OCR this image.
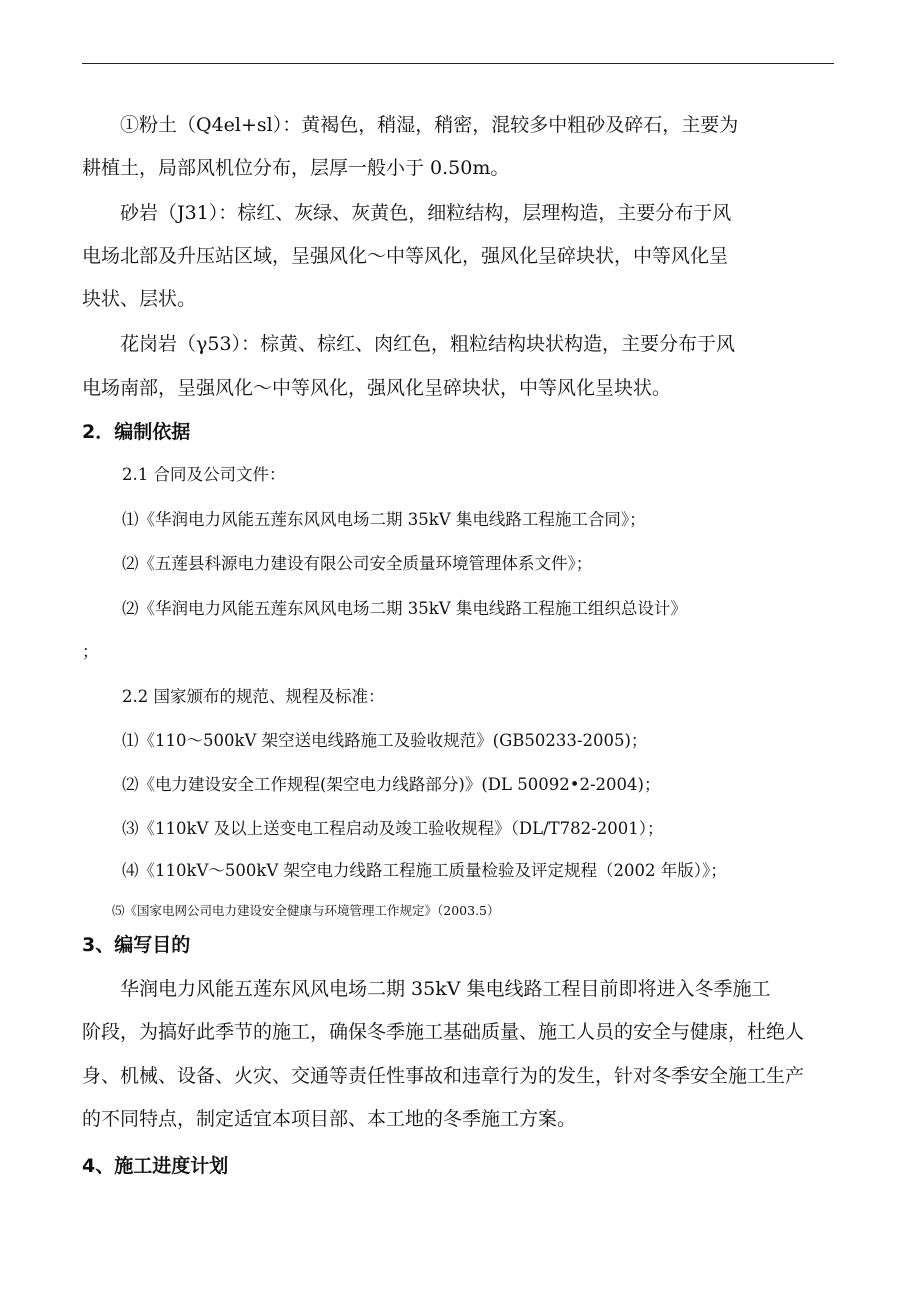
①粉土（Q4el+sl）：黄褐色，稍湿，稍密，混较多中粗砂及碎石，主要为
耕植土，局部风机位分布，层厚一般小于 0.50m。
砂岩（J31）：棕红、灰绿、灰黄色，细粒结构，层理构造，主要分布于风
电场北部及升压站区域，呈强风化～中等风化，强风化呈碎块状，中等风化呈
块状、层状。
花岗岩（γ53）：棕黄、棕红、肉红色，粗粒结构块状构造，主要分布于风
电场南部，呈强风化～中等风化，强风化呈碎块状，中等风化呈块状。
2．编制依据
2.1 合同及公司文件：
⑴《华润电力风能五莲东风风电场二期 35kV 集电线路工程施工合同》；
⑵《五莲县科源电力建设有限公司安全质量环境管理体系文件》；
⑵《华润电力风能五莲东风风电场二期 35kV 集电线路工程施工组织总设计》
；
2.2 国家颁布的规范、规程及标准：
⑴《110～500kV 架空送电线路施工及验收规范》(GB50233-2005)；
⑵《电力建设安全工作规程(架空电力线路部分)》(DL 50092•2-2004)；
⑶《110kV 及以上送变电工程启动及竣工验收规程》（DL/T782-2001）；
⑷《110kV～500kV 架空电力线路工程施工质量检验及评定规程（2002 年版）》；
⑸《国家电网公司电力建设安全健康与环境管理工作规定》（2003.5）
3、编写目的
华润电力风能五莲东风风电场二期 35kV 集电线路工程目前即将进入冬季施工
阶段，为搞好此季节的施工，确保冬季施工基础质量、施工人员的安全与健康，杜绝人
身、机械、设备、火灾、交通等责任性事故和违章行为的发生，针对冬季安全施工生产
的不同特点，制定适宜本项目部、本工地的冬季施工方案。
4、施工进度计划
